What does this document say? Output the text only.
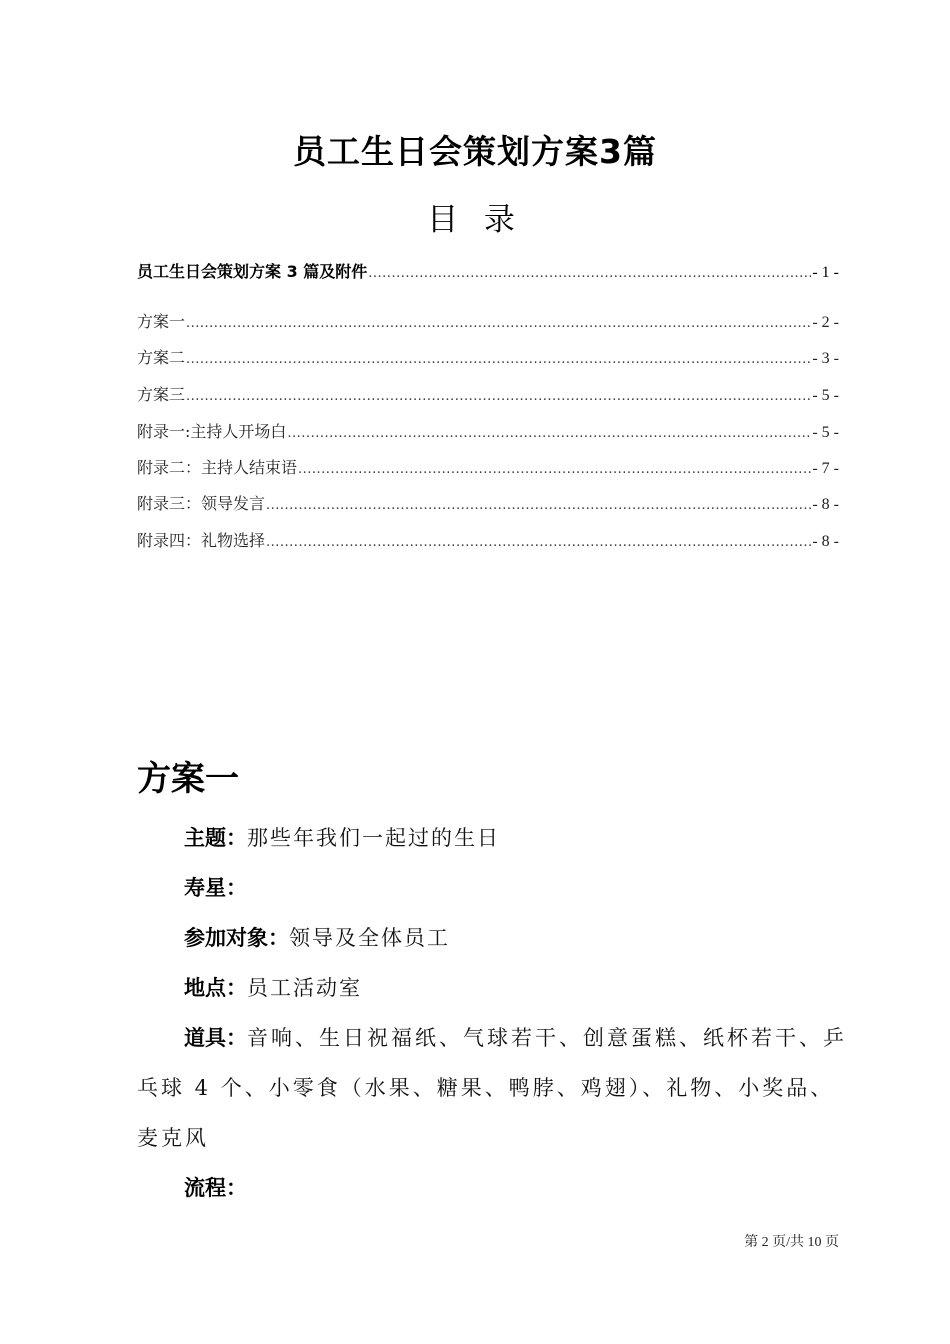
员工生日会策划方案3篇
目 录
员工生日会策划方案 3 篇及附件 .....	- 1 -
方案一 .....	- 2 -
方案二 .....	- 3 -
方案三 .....	- 5 -
附录一:主持人开场白 .....	- 5 -
附录二：主持人结束语 .....	- 7 -
附录三：领导发言 .....	- 8 -
附录四：礼物选择 .....	- 8 -
方案一
主题：那些年我们一起过的生日
寿星：
参加对象：领导及全体员工
地点：员工活动室
道具：音响、生日祝福纸、气球若干、创意蛋糕、纸杯若干、乒乓球 4 个、小零食（水果、糖果、鸭脖、鸡翅）、礼物、小奖品、麦克风
流程：
第 2 页/共 10 页
